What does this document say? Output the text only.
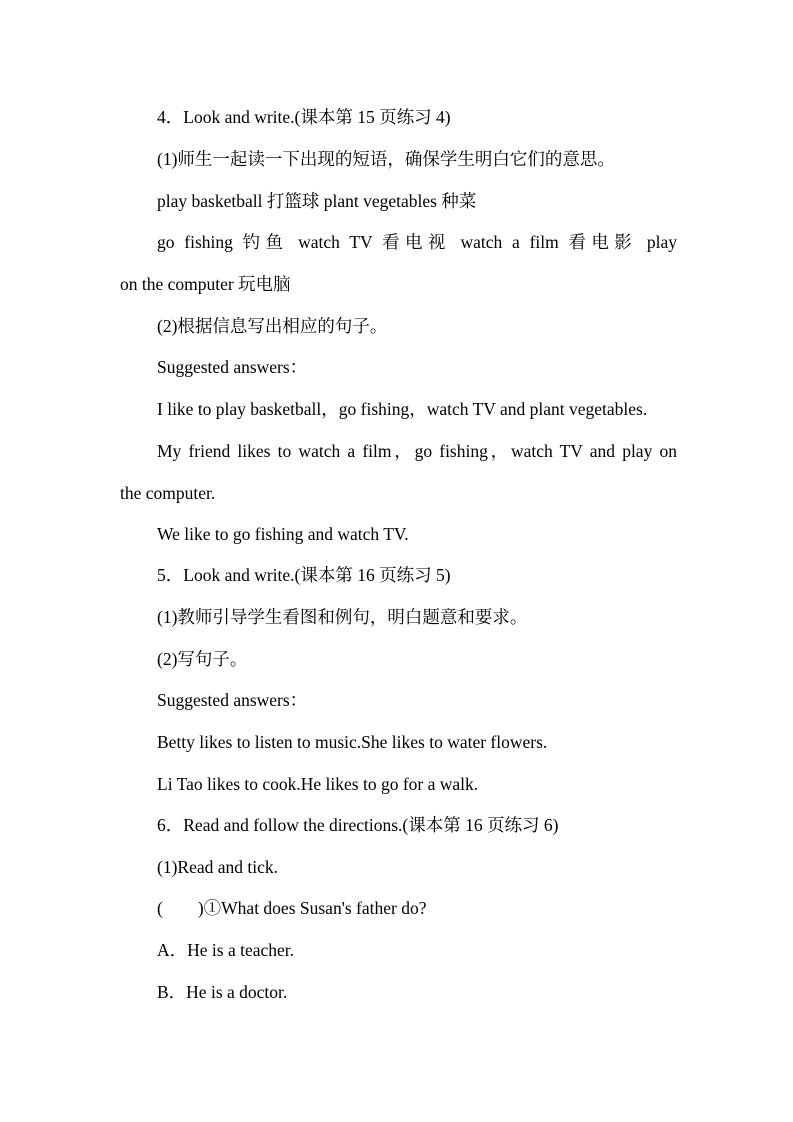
4．Look and write.(课本第 15 页练习 4)
(1)师生一起读一下出现的短语，确保学生明白它们的意思。
play basketball 打篮球 plant vegetables 种菜
go fishing 钓鱼 watch TV 看电视 watch a film 看电影 play
on the computer 玩电脑
(2)根据信息写出相应的句子。
Suggested answers：
I like to play basketball，go fishing，watch TV and plant vegetables.
My friend likes to watch a film，go fishing，watch TV and play on
the computer.
We like to go fishing and watch TV.
5．Look and write.(课本第 16 页练习 5)
(1)教师引导学生看图和例句，明白题意和要求。
(2)写句子。
Suggested answers：
Betty likes to listen to music.She likes to water flowers.
Li Tao likes to cook.He likes to go for a walk.
6．Read and follow the directions.(课本第 16 页练习 6)
(1)Read and tick.
(　　)①What does Susan's father do?
A．He is a teacher.
B．He is a doctor.
